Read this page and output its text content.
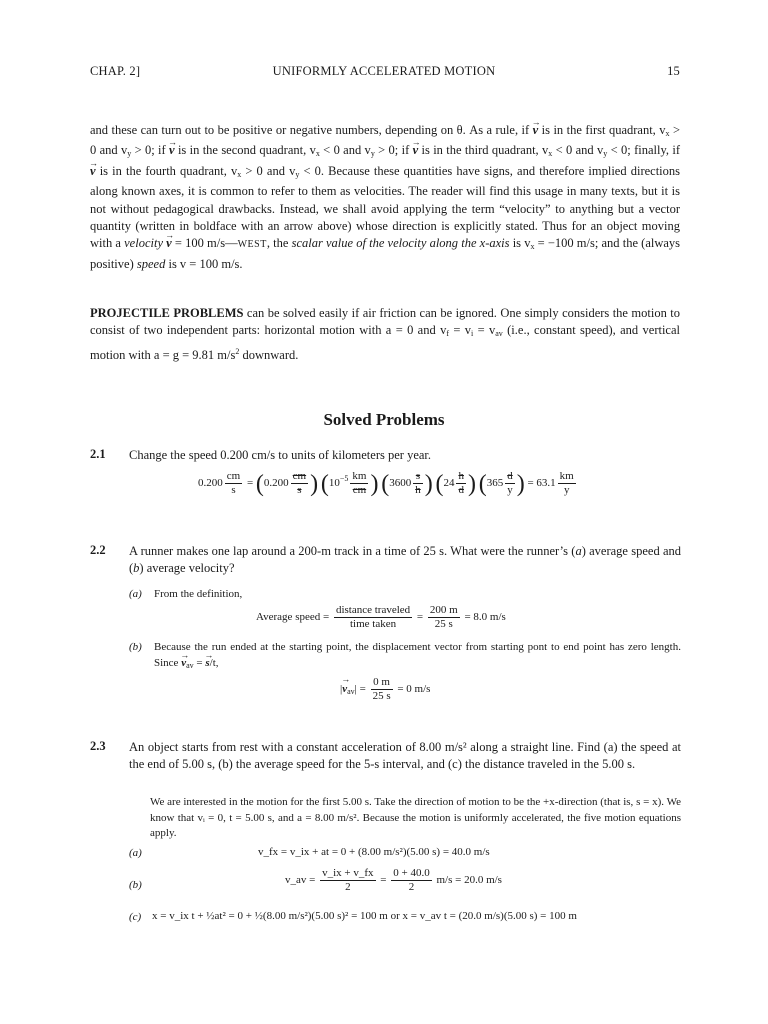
CHAP. 2]	UNIFORMLY ACCELERATED MOTION	15

and these can turn out to be positive or negative numbers, depending on θ. As a rule, if → v is in the first quadrant, $v_x > 0$ and $v_y > 0$; if → v is in the second quadrant, $v_x < 0$ and $v_y > 0$; if → v is in the third quadrant, $v_x < 0$ and $v_y < 0$; finally, if → v is in the fourth quadrant, $v_x > 0$ and $v_y < 0$. Because these quantities have signs, and therefore implied directions along known axes, it is common to refer to them as velocities. The reader will find this usage in many texts, but it is not without pedagogical drawbacks. Instead, we shall avoid applying the term “velocity” to anything but a vector quantity (written in boldface with an arrow above) whose direction is explicitly stated. Thus for an object moving with a velocity → v = 100 m/s—WEST, the scalar value of the velocity along the x-axis is $v_x = -100$ m/s; and the (always positive) speed is v = 100 m/s.

PROJECTILE PROBLEMS can be solved easily if air friction can be ignored. One simply considers the motion to consist of two independent parts: horizontal motion with a = 0 and $v_f = v_i = v_{av}$ (i.e., constant speed), and vertical motion with a = g = 9.81 $m/s^2$ downward.

Solved Problems
2.1 Change the speed 0.200 cm/s to units of kilometers per year.
$0.200 \frac{cm}{s} = (0.200 \frac{cm}{s}$ ) ($10^{-5} \frac{km}{cm}$ ) ($3600 \frac{s}{h}$ ) ($24 \frac{h}{d}$ ) ($365 \frac{d}{y}$ ) = $63.1 \frac{km}{y}$
2.2 A runner makes one lap around a 200-m track in a time of 25 s. What were the runner’s (a) average speed and (b) average velocity?
(a) From the definition,
Average speed = $\frac{\text{distance traveled}}{\text{time taken}} = \frac{200 m}{25 s} = 8.0$ m/s
(b) Because the run ended at the starting point, the displacement vector from starting pont to end point has zero length. Since → $v_{av}$ = → s/t,
|→ $v_{av}| = \frac{0 m}{25 s} = 0$ m/s
2.3 An object starts from rest with a constant acceleration of 8.00 m/s² along a straight line. Find (a) the speed at the end of 5.00 s, (b) the average speed for the 5-s interval, and (c) the distance traveled in the 5.00 s.
We are interested in the motion for the first 5.00 s. Take the direction of motion to be the +x-direction (that is, s = x). We know that vᵢ = 0, t = 5.00 s, and a = 8.00 m/s². Because the motion is uniformly accelerated, the five motion equations apply.
(a)	v_fx = v_ix + at = 0 + (8.00 m/s²)(5.00 s) = 40.0 m/s
(b)	v_av = $\frac{v\_ix + v\_fx}{2} = \frac{0 + 40.0}{2} m/s = 20.0$ m/s
(c) x = v_ix t + ½at² = 0 + ½(8.00 m/s²)(5.00 s)² = 100 m or x = v_av t = (20.0 m/s)(5.00 s) = 100 m
